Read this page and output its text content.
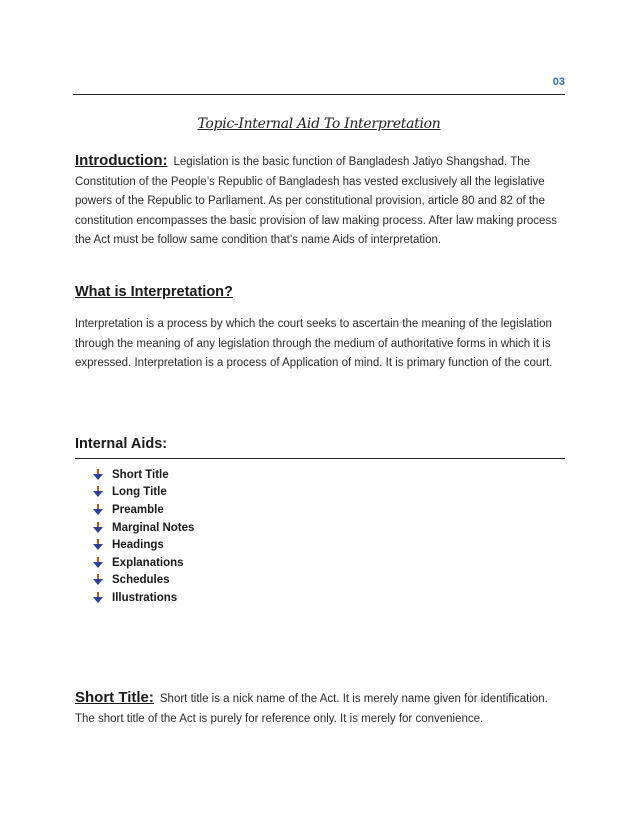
03
Topic-Internal Aid To Interpretation
Introduction: Legislation is the basic function of Bangladesh Jatiyo Shangshad. The Constitution of the People’s Republic of Bangladesh has vested exclusively all the legislative powers of the Republic to Parliament. As per constitutional provision, article 80 and 82 of the constitution encompasses the basic provision of law making process. After law making process the Act must be follow same condition that’s name Aids of interpretation.
What is Interpretation?
Interpretation is a process by which the court seeks to ascertain the meaning of the legislation through the meaning of any legislation through the medium of authoritative forms in which it is expressed. Interpretation is a process of Application of mind. It is primary function of the court.
Internal Aids:
Short Title
Long Title
Preamble
Marginal Notes
Headings
Explanations
Schedules
Illustrations
Short Title: Short title is a nick name of the Act. It is merely name given for identification. The short title of the Act is purely for reference only. It is merely for convenience.
